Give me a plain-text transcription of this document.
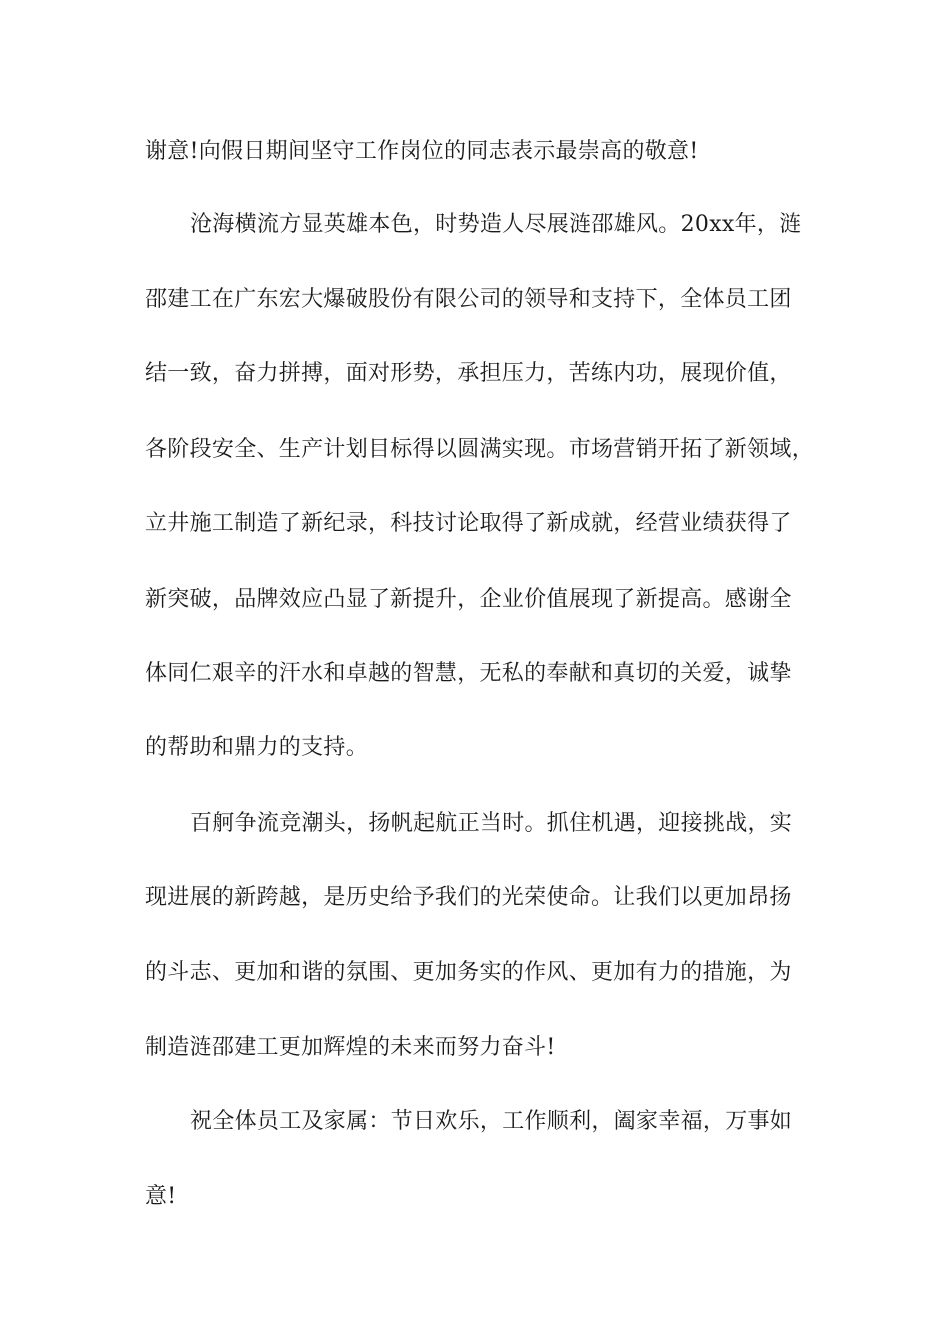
谢意!向假日期间坚守工作岗位的同志表示最崇高的敬意!
沧海横流方显英雄本色，时势造人尽展涟邵雄风。20xx年，涟
邵建工在广东宏大爆破股份有限公司的领导和支持下，全体员工团
结一致，奋力拼搏，面对形势，承担压力，苦练内功，展现价值，
各阶段安全、生产计划目标得以圆满实现。市场营销开拓了新领域，
立井施工制造了新纪录，科技讨论取得了新成就，经营业绩获得了
新突破，品牌效应凸显了新提升，企业价值展现了新提高。感谢全
体同仁艰辛的汗水和卓越的智慧，无私的奉献和真切的关爱，诚挚
的帮助和鼎力的支持。
百舸争流竞潮头，扬帆起航正当时。抓住机遇，迎接挑战，实
现进展的新跨越，是历史给予我们的光荣使命。让我们以更加昂扬
的斗志、更加和谐的氛围、更加务实的作风、更加有力的措施，为
制造涟邵建工更加辉煌的未来而努力奋斗!
祝全体员工及家属：节日欢乐，工作顺利，阖家幸福，万事如
意!
